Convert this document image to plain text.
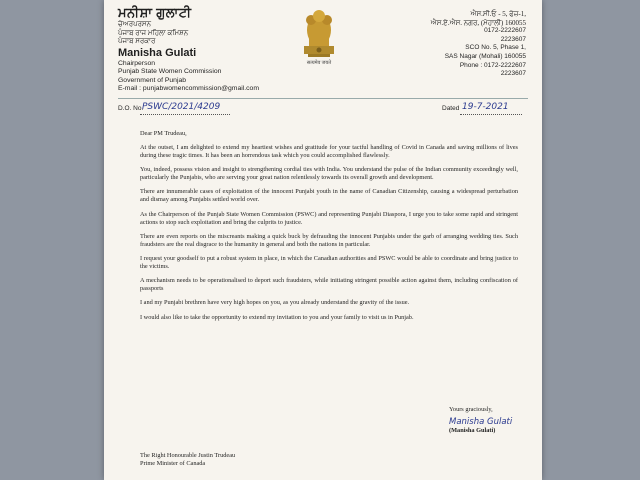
ਮਨੀਸ਼ਾ ਗੁਲਾਟੀ
ਚੇਅਰਪਰਸਨ
ਪੰਜਾਬ ਰਾਜ ਮਹਿਲਾ ਕਮਿਸ਼ਨ
ਪੰਜਾਬ ਸਰਕਾਰ
Manisha Gulati
Chairperson
Punjab State Women Commission
Government of Punjab
E-mail : punjabwomencommission@gmail.com
सत्यमेव जयते
ਐਸ.ਸੀ.ਓ - 5, ਫੇਜ਼-1,
ਐਸ.ਏ.ਐਸ. ਨਗਰ, (ਮੋਹਾਲੀ) 160055
0172-2222607
2223607
SCO No. 5, Phase 1,
SAS Nagar (Mohali) 160055
Phone : 0172-2222607
2223607
D.O. No.
PSWC/2021/4209	Dated 19-7-2021

Dear PM Trudeau,

At the outset, I am delighted to extend my heartiest wishes and gratitude for your tactful handling of Covid in Canada and saving millions of lives during these tragic times. It has been an horrendous task which you could accomplished flawlessly.

You, indeed, possess vision and insight to strengthening cordial ties with India. You understand the pulse of the Indian community exceedingly well, particularly the Punjabis, who are serving your great nation relentlessly towards its overall growth and development.

There are innumerable cases of exploitation of the innocent Punjabi youth in the name of Canadian Citizenship, causing a widespread perturbation and dismay among Punjabis settled world over.

As the Chairperson of the Punjab State Women Commission (PSWC) and representing Punjabi Diaspora, I urge you to take some rapid and stringent actions to stop such exploitation and bring the culprits to justice.

There are even reports on the miscreants making a quick buck by defrauding the innocent Punjabis under the garb of arranging wedding ties. Such fraudsters are the real disgrace to the humanity in general and both the nations in particular.

I request your goodself to put a robust system in place, in which the Canadian authorities and PSWC would be able to coordinate and bring justice to the victims.

A mechanism needs to be operationalised to deport such fraudsters, while initiating stringent possible action against them, including confiscation of passports

I and my Punjabi brethren have very high hopes on you, as you already understand the gravity of the issue.

I would also like to take the opportunity to extend my invitation to you and your family to visit us in Punjab.

Yours graciously,
Manisha Gulati
(Manisha Gulati)
The Right Honourable Justin Trudeau
Prime Minister of Canada
